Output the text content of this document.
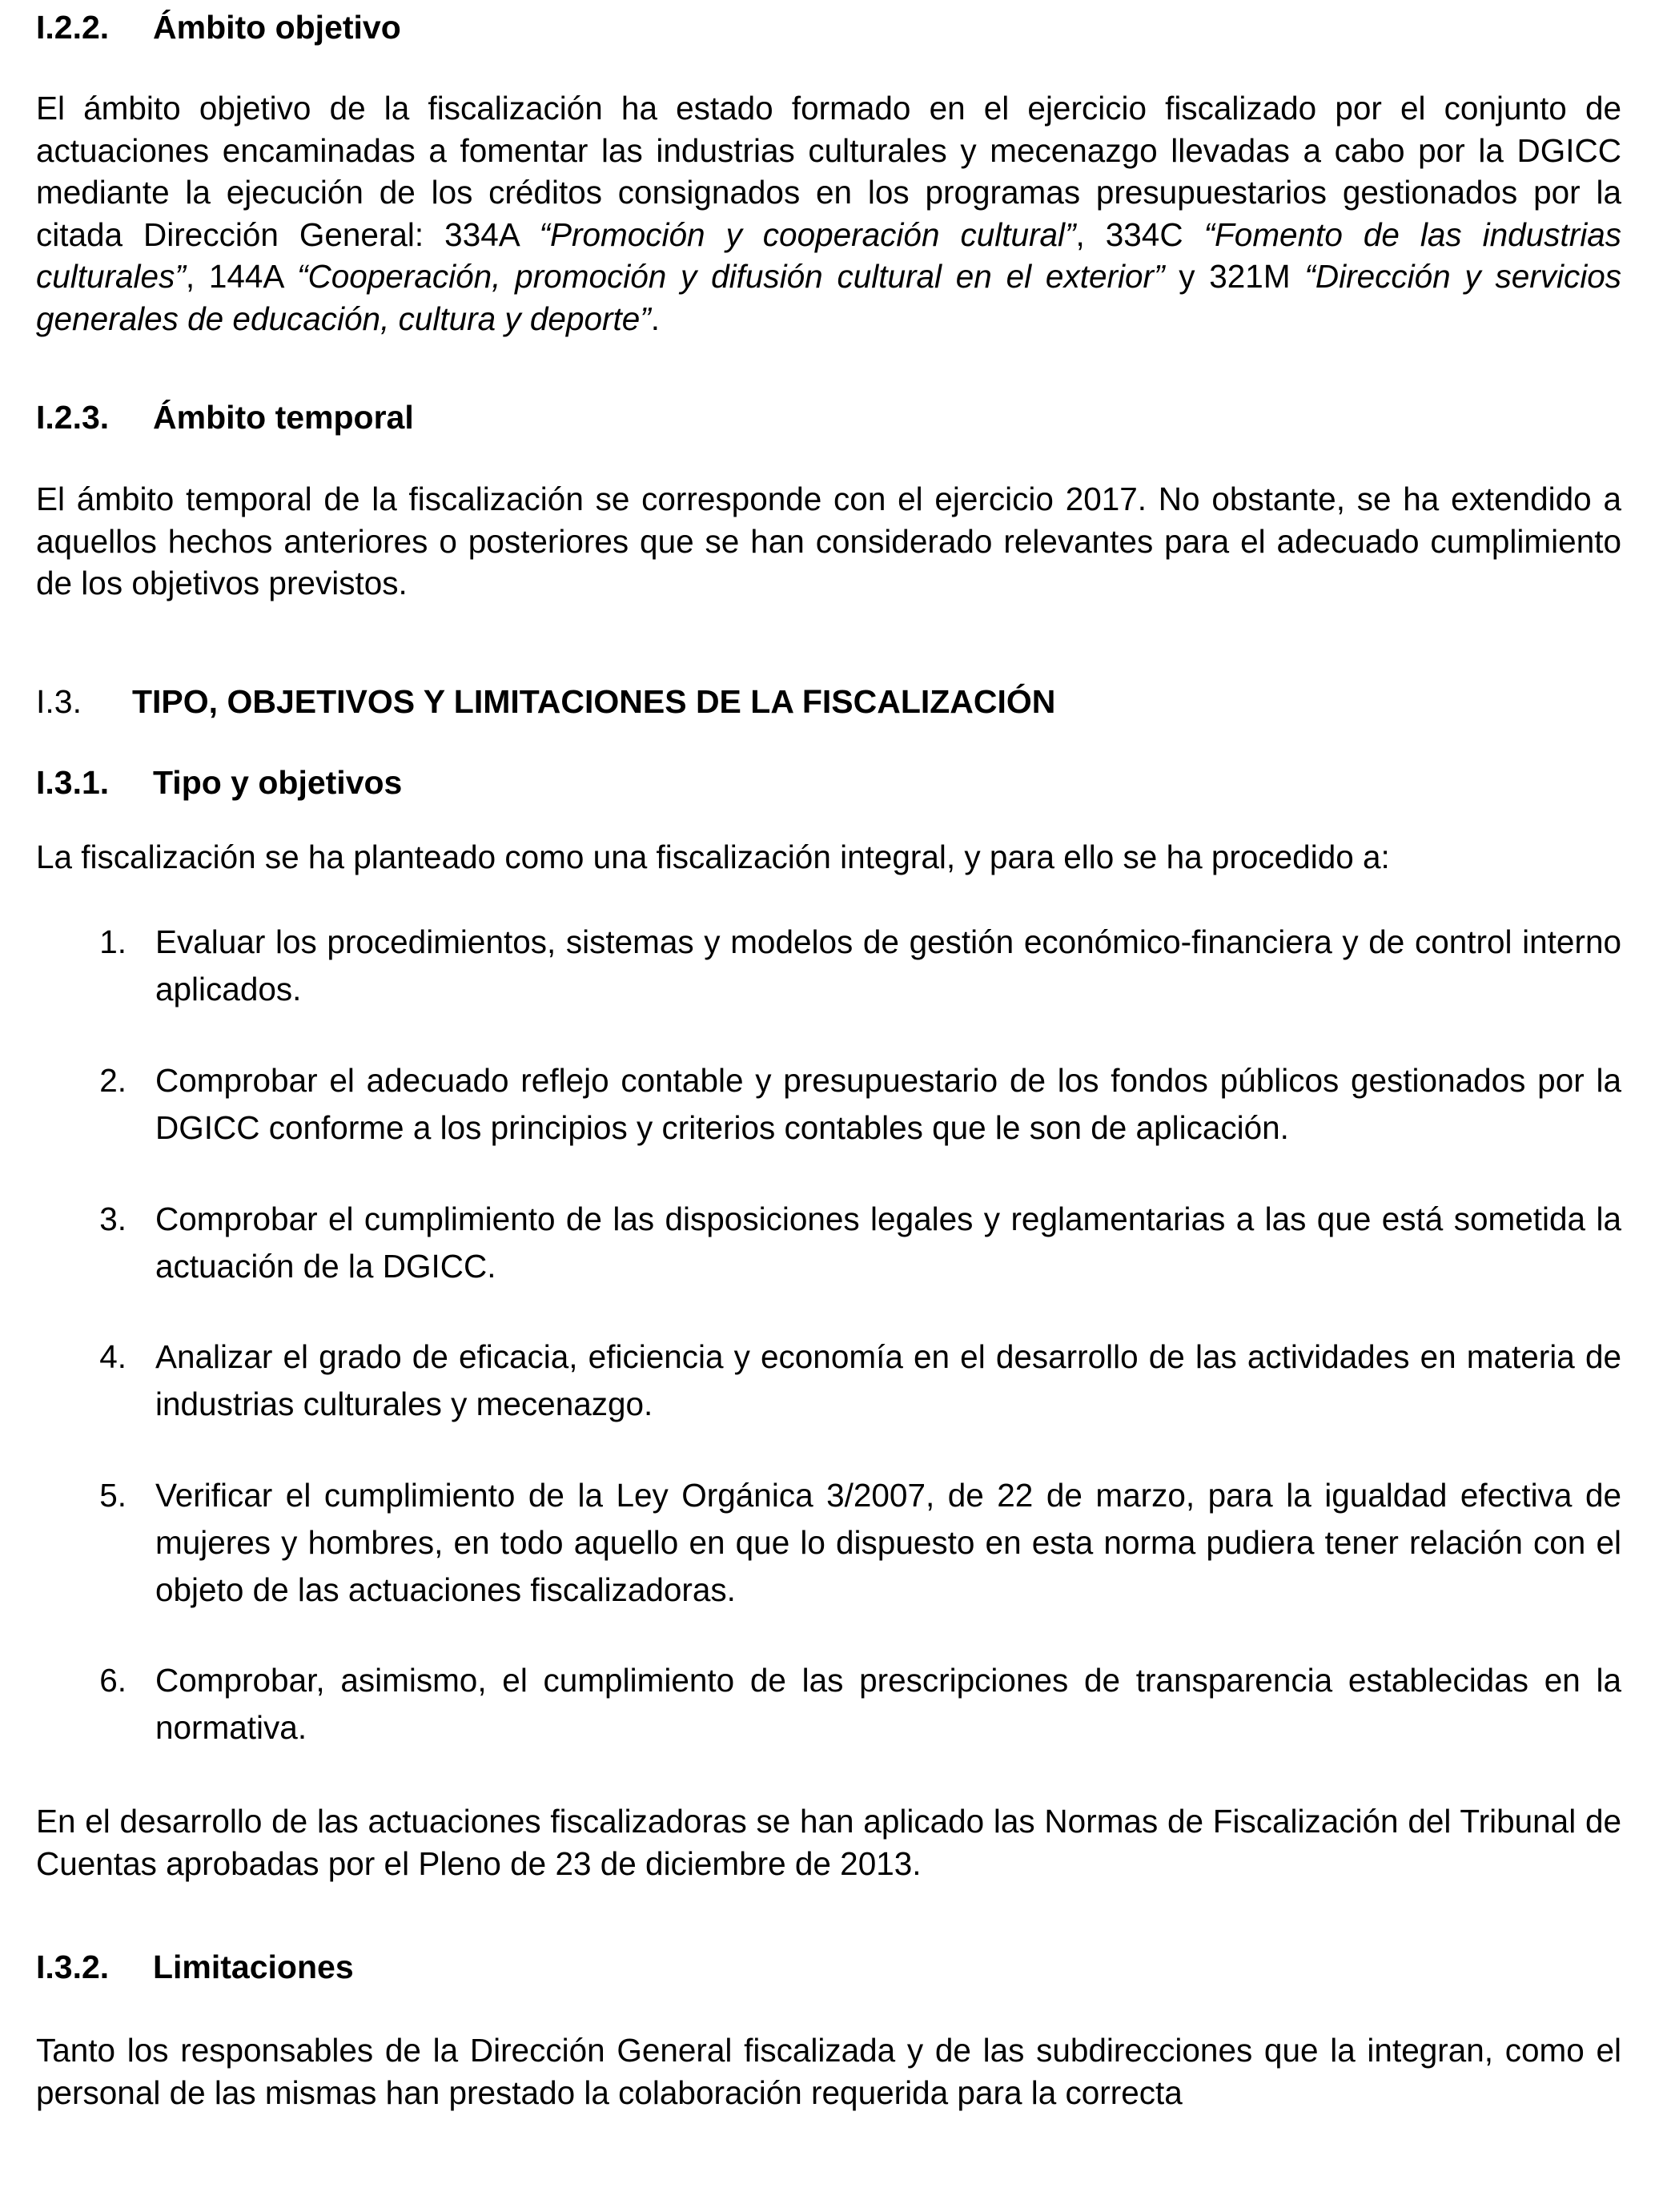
I.2.2. Ámbito objetivo
El ámbito objetivo de la fiscalización ha estado formado en el ejercicio fiscalizado por el conjunto de actuaciones encaminadas a fomentar las industrias culturales y mecenazgo llevadas a cabo por la DGICC mediante la ejecución de los créditos consignados en los programas presupuestarios gestionados por la citada Dirección General: 334A “Promoción y cooperación cultural”, 334C “Fomento de las industrias culturales”, 144A “Cooperación, promoción y difusión cultural en el exterior” y 321M “Dirección y servicios generales de educación, cultura y deporte”.
I.2.3. Ámbito temporal
El ámbito temporal de la fiscalización se corresponde con el ejercicio 2017. No obstante, se ha extendido a aquellos hechos anteriores o posteriores que se han considerado relevantes para el adecuado cumplimiento de los objetivos previstos.
I.3. TIPO, OBJETIVOS Y LIMITACIONES DE LA FISCALIZACIÓN
I.3.1. Tipo y objetivos
La fiscalización se ha planteado como una fiscalización integral, y para ello se ha procedido a:
1. Evaluar los procedimientos, sistemas y modelos de gestión económico-financiera y de control interno aplicados.
2. Comprobar el adecuado reflejo contable y presupuestario de los fondos públicos gestionados por la DGICC conforme a los principios y criterios contables que le son de aplicación.
3. Comprobar el cumplimiento de las disposiciones legales y reglamentarias a las que está sometida la actuación de la DGICC.
4. Analizar el grado de eficacia, eficiencia y economía en el desarrollo de las actividades en materia de industrias culturales y mecenazgo.
5. Verificar el cumplimiento de la Ley Orgánica 3/2007, de 22 de marzo, para la igualdad efectiva de mujeres y hombres, en todo aquello en que lo dispuesto en esta norma pudiera tener relación con el objeto de las actuaciones fiscalizadoras.
6. Comprobar, asimismo, el cumplimiento de las prescripciones de transparencia establecidas en la normativa.
En el desarrollo de las actuaciones fiscalizadoras se han aplicado las Normas de Fiscalización del Tribunal de Cuentas aprobadas por el Pleno de 23 de diciembre de 2013.
I.3.2. Limitaciones
Tanto los responsables de la Dirección General fiscalizada y de las subdirecciones que la integran, como el personal de las mismas han prestado la colaboración requerida para la correcta
